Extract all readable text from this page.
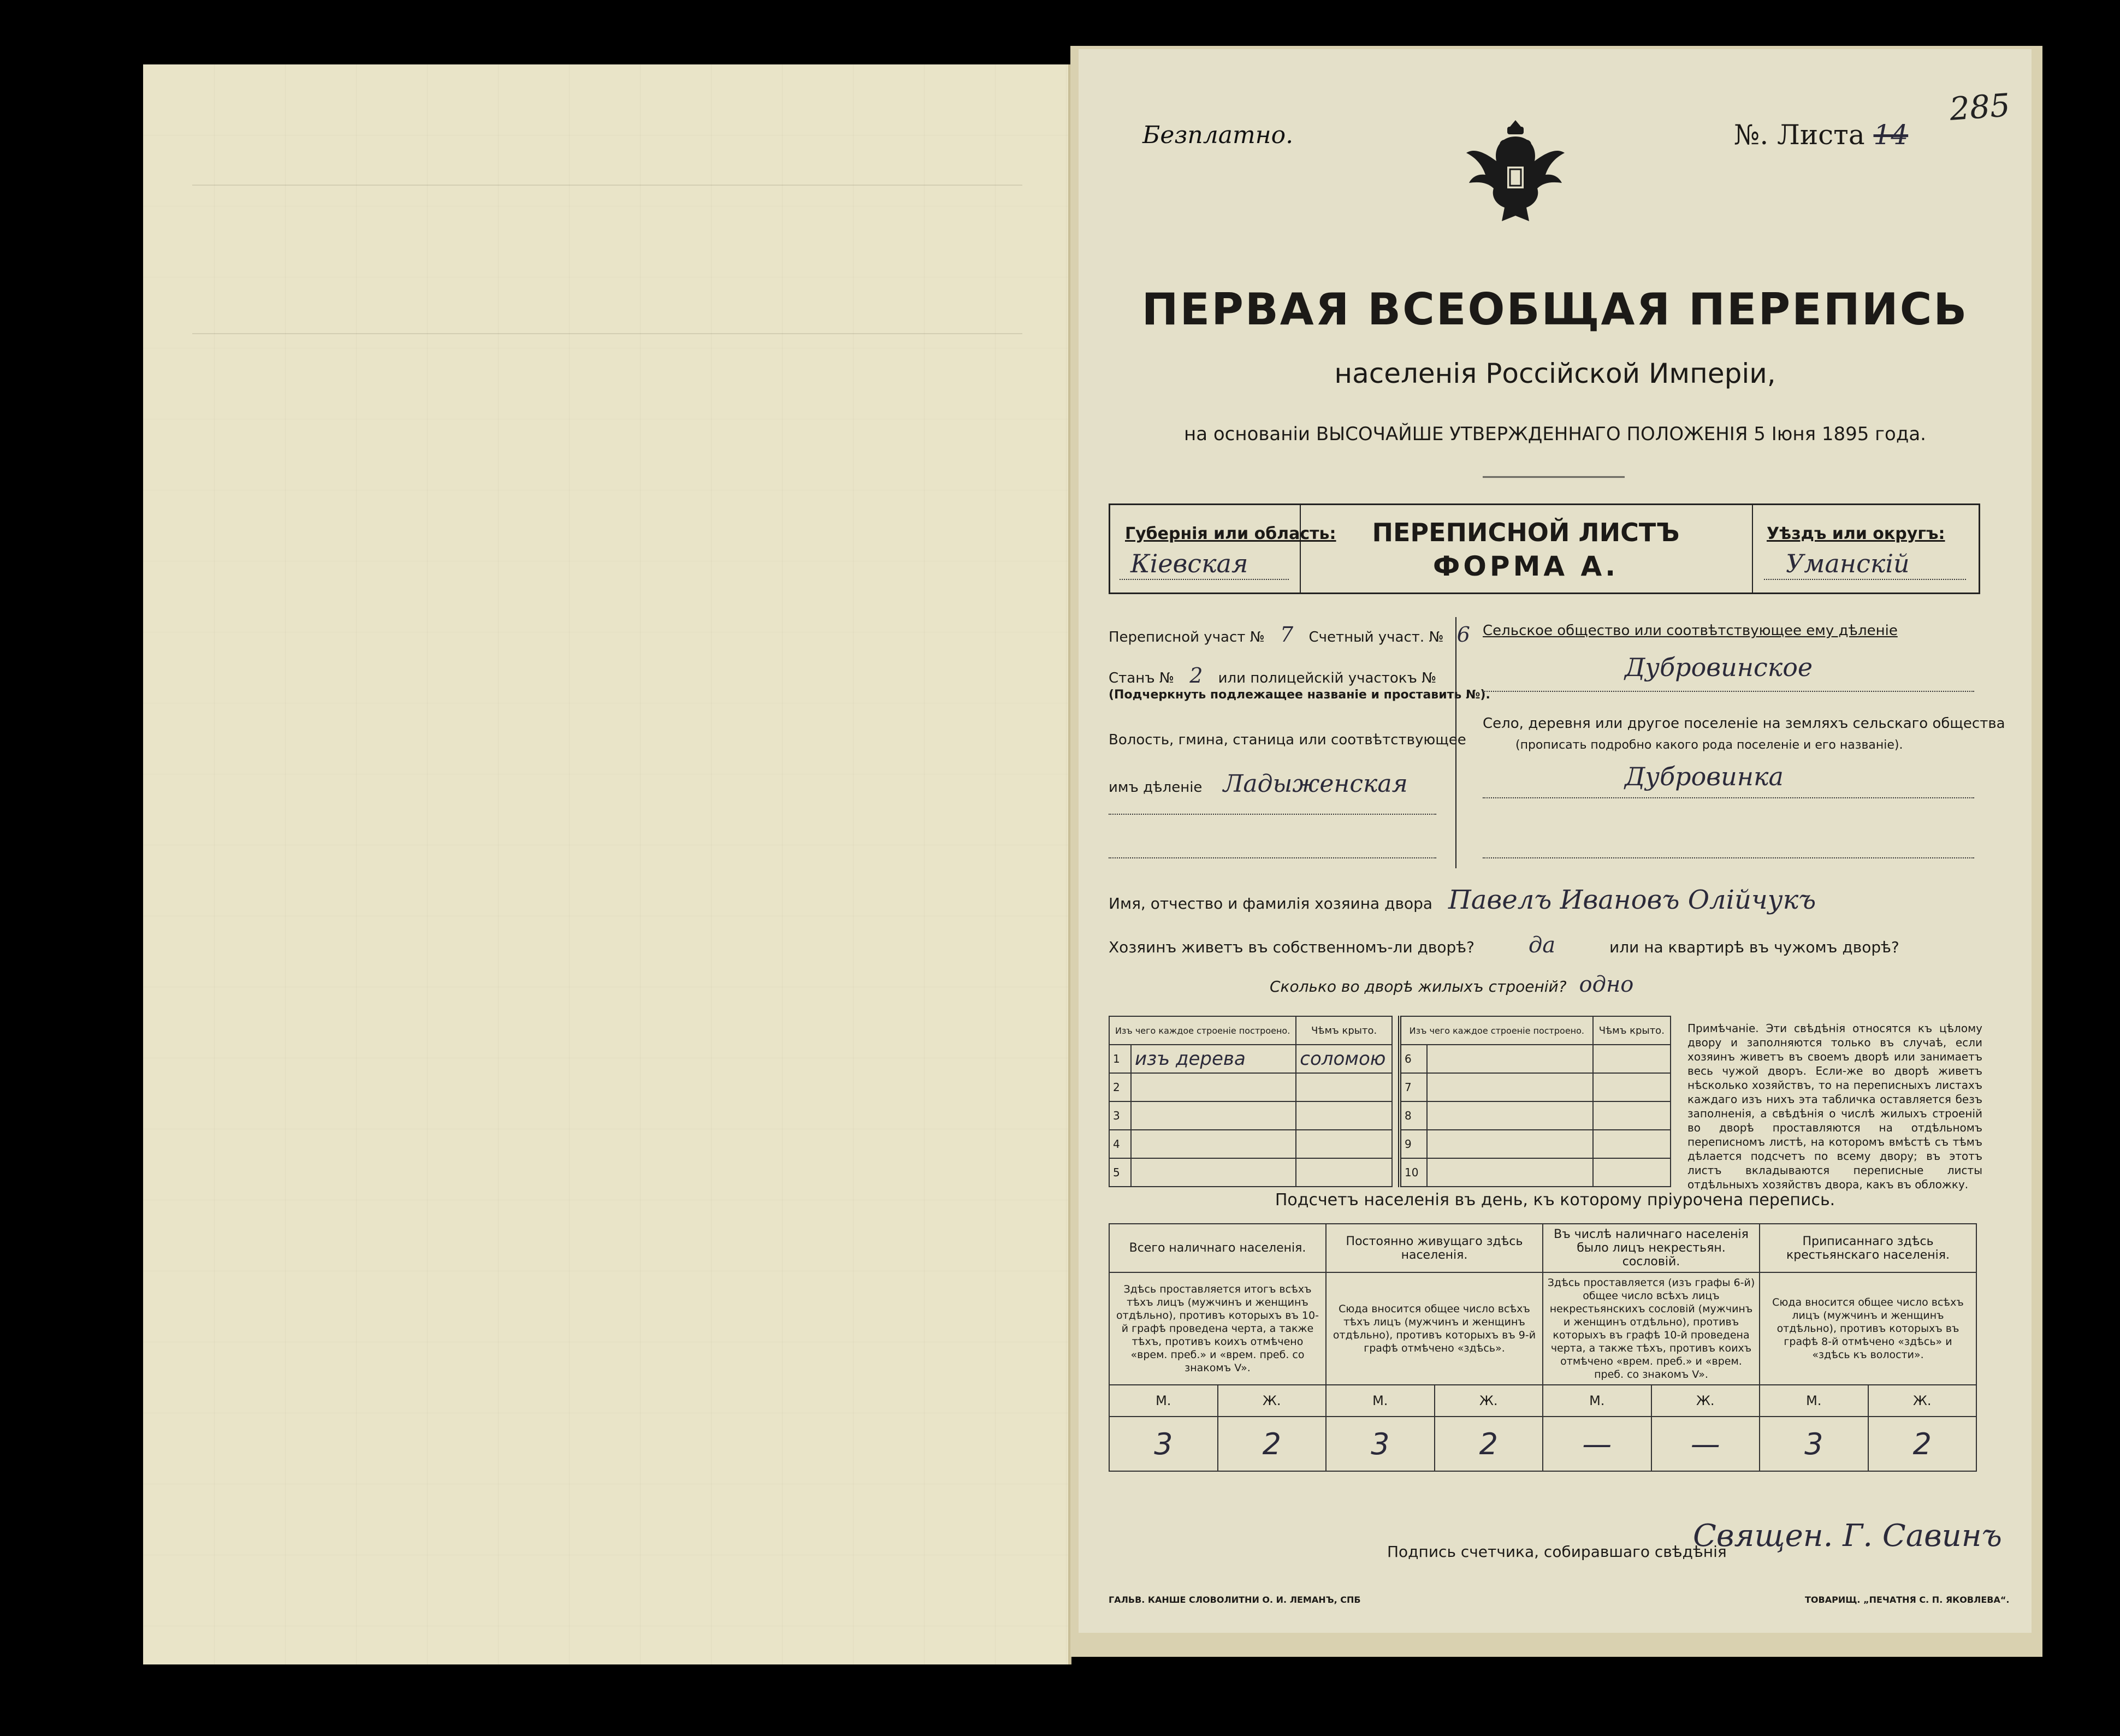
Безплатно.	№. Листа 14
285
ПЕРВАЯ ВСЕОБЩАЯ ПЕРЕПИСЬ
населенія Россійской Имперіи,
на основаніи ВЫСОЧАЙШЕ УТВЕРЖДЕННАГО ПОЛОЖЕНІЯ 5 Іюня 1895 года.
Губернія или область:
Кіевская
ПЕРЕПИСНОЙ ЛИСТЪ
ФОРМА А.
Уѣздъ или округъ:
Уманскій
Переписной участ № 7 Счетный участ. № 6
Станъ № 2 или полицейскій участокъ №
(Подчеркнуть подлежащее названіе и проставить №).
Волость, гмина, станица или соотвѣтствующее
имъ дѣленіе Ладыженская
Сельское общество или соотвѣтствующее ему дѣленіе
Дубровинское
Село, деревня или другое поселеніе на земляхъ сельскаго общества
(прописать подробно какого рода поселеніе и его названіе).
Дубровинка
Имя, отчество и фамилія хозяина двора Павелъ Ивановъ Олійчукъ
Хозяинъ живетъ въ собственномъ-ли дворѣ? да	или на квартирѣ въ чужомъ дворѣ?
Сколько во дворѣ жилыхъ строеній? одно
Изъ чего каждое строеніе построено.		Чѣмъ крыто.
1	изъ дерева	соломою
2		
3		
4		
5		
Изъ чего каждое строеніе построено.		Чѣмъ крыто.
6		
7		
8		
9		
10		
Примѣчаніе. Эти свѣдѣнія относятся къ цѣлому двору и заполняются только въ случаѣ, если хозяинъ живетъ въ своемъ дворѣ или занимаетъ весь чужой дворъ. Если-же во дворѣ живетъ нѣсколько хозяйствъ, то на переписныхъ листахъ каждаго изъ нихъ эта табличка оставляется безъ заполненія, а свѣдѣнія о числѣ жилыхъ строеній во дворѣ проставляются на отдѣльномъ переписномъ листѣ, на которомъ вмѣстѣ съ тѣмъ дѣлается подсчетъ по всему двору; въ этотъ листъ вкладываются переписные листы отдѣльныхъ хозяйствъ двора, какъ въ обложку.
Подсчетъ населенія въ день, къ которому пріурочена перепись.
Всего наличнаго населенія.		Постоянно живущаго здѣсь населенія.		Въ числѣ наличнаго населенія было лицъ некрестьян. сословій.		Приписаннаго здѣсь крестьянскаго населенія.	
Здѣсь проставляется итогъ всѣхъ тѣхъ лицъ (мужчинъ и женщинъ отдѣльно), противъ которыхъ въ 10-й графѣ проведена черта, а также тѣхъ, противъ коихъ отмѣчено «врем. преб.» и «врем. преб. со знакомъ V».		Сюда вносится общее число всѣхъ тѣхъ лицъ (мужчинъ и женщинъ отдѣльно), противъ которыхъ въ 9-й графѣ отмѣчено «здѣсь».		Здѣсь проставляется (изъ графы 6-й) общее число всѣхъ лицъ некрестьянскихъ сословій (мужчинъ и женщинъ отдѣльно), противъ которыхъ въ графѣ 10-й проведена черта, а также тѣхъ, противъ коихъ отмѣчено «врем. преб.» и «врем. преб. со знакомъ V».		Сюда вносится общее число всѣхъ лицъ (мужчинъ и женщинъ отдѣльно), противъ которыхъ въ графѣ 8-й отмѣчено «здѣсь» и «здѣсь къ волости».	
М.	Ж.	М.	Ж.	М.	Ж.	М.	Ж.
3	2	3	2	—	—	3	2
Подпись счетчика, собиравшаго свѣдѣнія
Священ. Г. Савинъ
ГАЛЬВ. КАНШЕ СЛОВОЛИТНИ О. И. ЛЕМАНЪ, СПБ	ТОВАРИЩ. „ПЕЧАТНЯ С. П. ЯКОВЛЕВА“.
